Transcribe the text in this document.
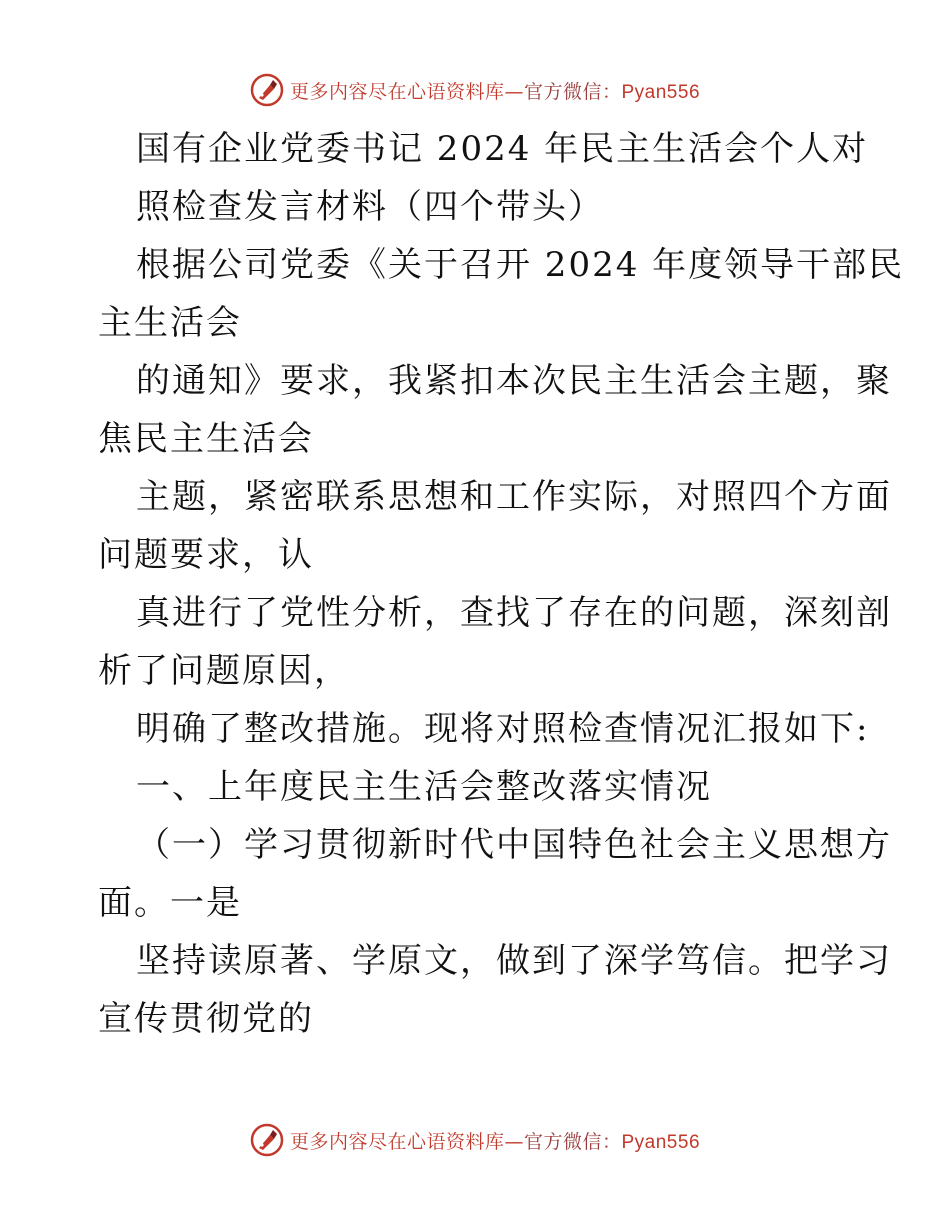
更多内容尽在心语资料库—官方微信：Pyan556
国有企业党委书记 2024 年民主生活会个人对
照检查发言材料（四个带头）
根据公司党委《关于召开 2024 年度领导干部民
主生活会
的通知》要求，我紧扣本次民主生活会主题，聚
焦民主生活会
主题，紧密联系思想和工作实际，对照四个方面
问题要求，认
真进行了党性分析，查找了存在的问题，深刻剖
析了问题原因，
明确了整改措施。现将对照检查情况汇报如下:
一、上年度民主生活会整改落实情况
（一）学习贯彻新时代中国特色社会主义思想方
面。一是
坚持读原著、学原文，做到了深学笃信。把学习
宣传贯彻党的
更多内容尽在心语资料库—官方微信：Pyan556
